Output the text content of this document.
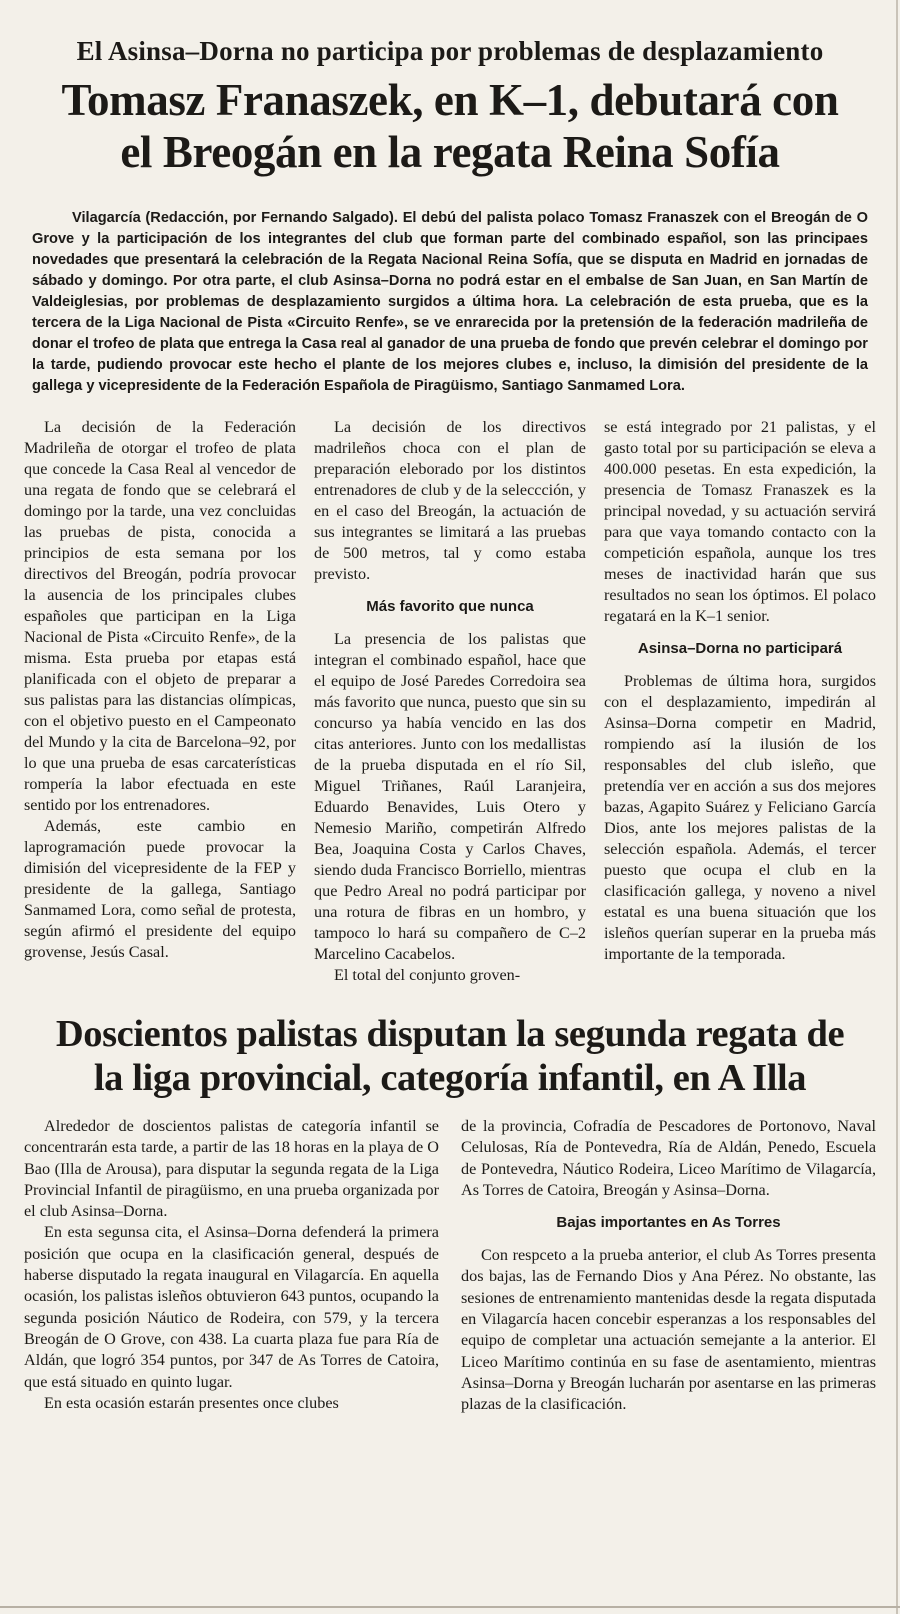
El Asinsa–Dorna no participa por problemas de desplazamiento
Tomasz Franaszek, en K–1, debutará con
el Breogán en la regata Reina Sofía

Vilagarcía (Redacción, por Fernando Salgado). El debú del palista polaco Tomasz Franaszek con el Breogán de O Grove y la participación de los integrantes del club que forman parte del combinado español, son las principaes novedades que presentará la celebración de la Regata Nacional Reina Sofía, que se disputa en Madrid en jornadas de sábado y domingo. Por otra parte, el club Asinsa–Dorna no podrá estar en el embalse de San Juan, en San Martín de Valdeiglesias, por problemas de desplazamiento surgidos a última hora. La celebración de esta prueba, que es la tercera de la Liga Nacional de Pista «Circuito Renfe», se ve enrarecida por la pretensión de la federación madrileña de donar el trofeo de plata que entrega la Casa real al ganador de una prueba de fondo que prevén celebrar el domingo por la tarde, pudiendo provocar este hecho el plante de los mejores clubes e, incluso, la dimisión del presidente de la gallega y vicepresidente de la Federación Española de Piragüismo, Santiago Sanmamed Lora.

La decisión de la Federación Madrileña de otorgar el trofeo de plata que concede la Casa Real al vencedor de una regata de fondo que se celebrará el domingo por la tarde, una vez concluidas las pruebas de pista, conocida a principios de esta semana por los directivos del Breogán, podría provocar la ausencia de los principales clubes españoles que participan en la Liga Nacional de Pista «Circuito Renfe», de la misma. Esta prueba por etapas está planificada con el objeto de preparar a sus palistas para las distancias olímpicas, con el objetivo puesto en el Campeonato del Mundo y la cita de Barcelona–92, por lo que una prueba de esas carcaterísticas rompería la labor efectuada en este sentido por los entrenadores.

Además, este cambio en laprogramación puede provocar la dimisión del vicepresidente de la FEP y presidente de la gallega, Santiago Sanmamed Lora, como señal de protesta, según afirmó el presidente del equipo grovense, Jesús Casal.

La decisión de los directivos madrileños choca con el plan de preparación eleborado por los distintos entrenadores de club y de la seleccción, y en el caso del Breogán, la actuación de sus integrantes se limitará a las pruebas de 500 metros, tal y como estaba previsto.

Más favorito que nunca

La presencia de los palistas que integran el combinado español, hace que el equipo de José Paredes Corredoira sea más favorito que nunca, puesto que sin su concurso ya había vencido en las dos citas anteriores. Junto con los medallistas de la prueba disputada en el río Sil, Miguel Triñanes, Raúl Laranjeira, Eduardo Benavides, Luis Otero y Nemesio Mariño, competirán Alfredo Bea, Joaquina Costa y Carlos Chaves, siendo duda Francisco Borriello, mientras que Pedro Areal no podrá participar por una rotura de fibras en un hombro, y tampoco lo hará su compañero de C–2 Marcelino Cacabelos.

El total del conjunto groven-

se está integrado por 21 palistas, y el gasto total por su participación se eleva a 400.000 pesetas. En esta expedición, la presencia de Tomasz Franaszek es la principal novedad, y su actuación servirá para que vaya tomando contacto con la competición española, aunque los tres meses de inactividad harán que sus resultados no sean los óptimos. El polaco regatará en la K–1 senior.

Asinsa–Dorna no participará

Problemas de última hora, surgidos con el desplazamiento, impedirán al Asinsa–Dorna competir en Madrid, rompiendo así la ilusión de los responsables del club isleño, que pretendía ver en acción a sus dos mejores bazas, Agapito Suárez y Feliciano García Dios, ante los mejores palistas de la selección española. Además, el tercer puesto que ocupa el club en la clasificación gallega, y noveno a nivel estatal es una buena situación que los isleños querían superar en la prueba más importante de la temporada.

Doscientos palistas disputan la segunda regata de
la liga provincial, categoría infantil, en A Illa

Alrededor de doscientos palistas de categoría infantil se concentrarán esta tarde, a partir de las 18 horas en la playa de O Bao (Illa de Arousa), para disputar la segunda regata de la Liga Provincial Infantil de piragüismo, en una prueba organizada por el club Asinsa–Dorna.

En esta segunsa cita, el Asinsa–Dorna defenderá la primera posición que ocupa en la clasificación general, después de haberse disputado la regata inaugural en Vilagarcía. En aquella ocasión, los palistas isleños obtuvieron 643 puntos, ocupando la segunda posición Náutico de Rodeira, con 579, y la tercera Breogán de O Grove, con 438. La cuarta plaza fue para Ría de Aldán, que logró 354 puntos, por 347 de As Torres de Catoira, que está situado en quinto lugar.

En esta ocasión estarán presentes once clubes

de la provincia, Cofradía de Pescadores de Portonovo, Naval Celulosas, Ría de Pontevedra, Ría de Aldán, Penedo, Escuela de Pontevedra, Náutico Rodeira, Liceo Marítimo de Vilagarcía, As Torres de Catoira, Breogán y Asinsa–Dorna.

Bajas importantes en As Torres

Con respceto a la prueba anterior, el club As Torres presenta dos bajas, las de Fernando Dios y Ana Pérez. No obstante, las sesiones de entrenamiento mantenidas desde la regata disputada en Vilagarcía hacen concebir esperanzas a los responsables del equipo de completar una actuación semejante a la anterior. El Liceo Marítimo continúa en su fase de asentamiento, mientras Asinsa–Dorna y Breogán lucharán por asentarse en las primeras plazas de la clasificación.
